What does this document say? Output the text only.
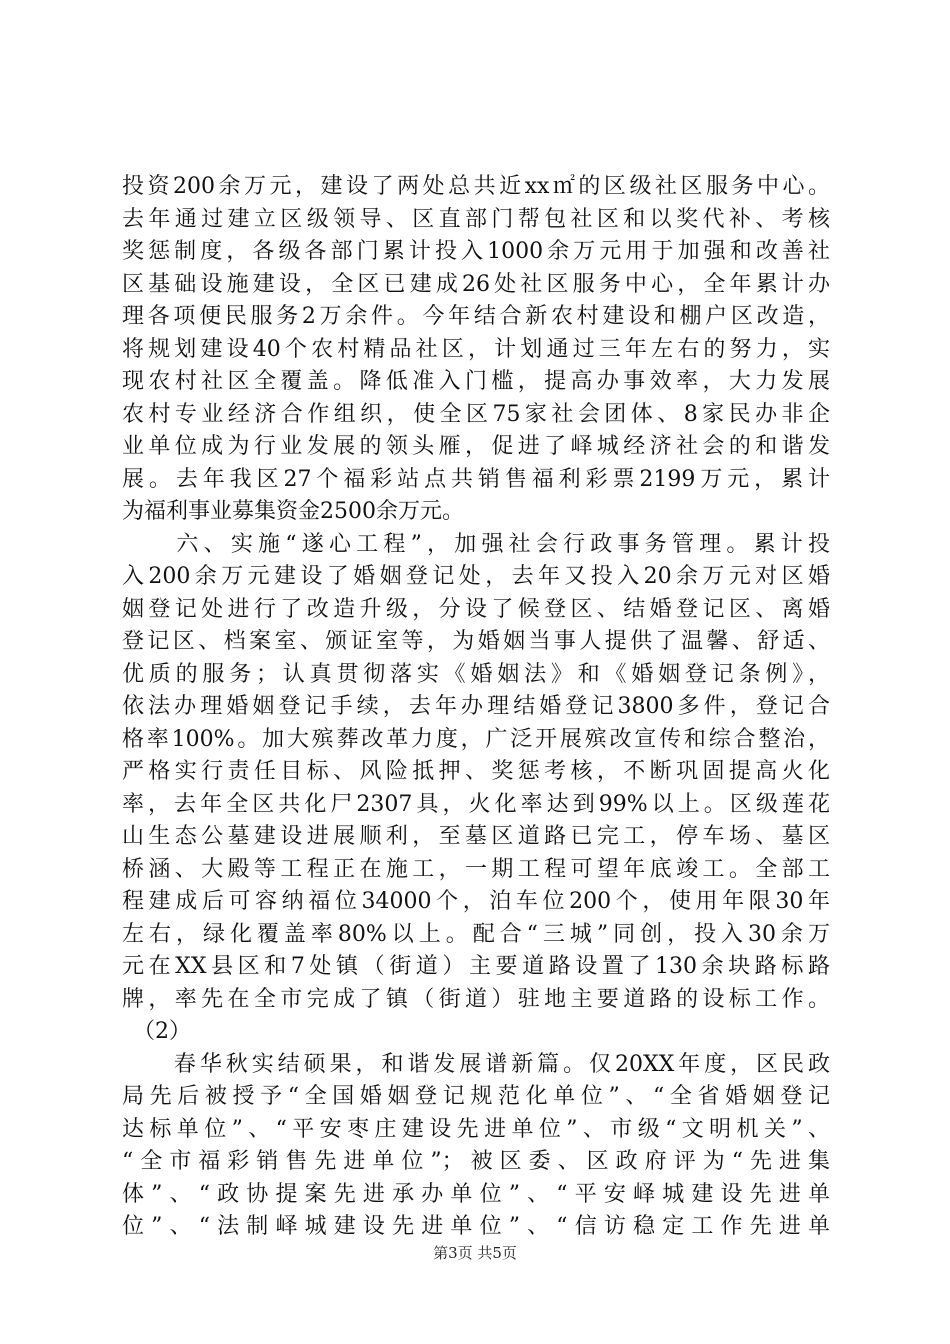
投资200余万元，建设了两处总共近xx㎡的区级社区服务中心。
去年通过建立区级领导、区直部门帮包社区和以奖代补、考核
奖惩制度，各级各部门累计投入1000余万元用于加强和改善社
区基础设施建设，全区已建成26处社区服务中心，全年累计办
理各项便民服务2万余件。今年结合新农村建设和棚户区改造，
将规划建设40个农村精品社区，计划通过三年左右的努力，实
现农村社区全覆盖。降低准入门槛，提高办事效率，大力发展
农村专业经济合作组织，使全区75家社会团体、8家民办非企
业单位成为行业发展的领头雁，促进了峄城经济社会的和谐发
展。去年我区27个福彩站点共销售福利彩票2199万元，累计
为福利事业募集资金2500余万元。
　　六、实施“遂心工程”，加强社会行政事务管理。累计投
入200余万元建设了婚姻登记处，去年又投入20余万元对区婚
姻登记处进行了改造升级，分设了候登区、结婚登记区、离婚
登记区、档案室、颁证室等，为婚姻当事人提供了温馨、舒适、
优质的服务；认真贯彻落实《婚姻法》和《婚姻登记条例》，
依法办理婚姻登记手续，去年办理结婚登记3800多件，登记合
格率100%。加大殡葬改革力度，广泛开展殡改宣传和综合整治，
严格实行责任目标、风险抵押、奖惩考核，不断巩固提高火化
率，去年全区共化尸2307具，火化率达到99%以上。区级莲花
山生态公墓建设进展顺利，至墓区道路已完工，停车场、墓区
桥涵、大殿等工程正在施工，一期工程可望年底竣工。全部工
程建成后可容纳福位34000个，泊车位200个，使用年限30年
左右，绿化覆盖率80%以上。配合“三城”同创，投入30余万
元在XX县区和7处镇（街道）主要道路设置了130余块路标路
牌，率先在全市完成了镇（街道）驻地主要道路的设标工作。
　（2）
　　春华秋实结硕果，和谐发展谱新篇。仅20XX年度，区民政
局先后被授予“全国婚姻登记规范化单位”、“全省婚姻登记
达标单位”、“平安枣庄建设先进单位”、市级“文明机关”、
“全市福彩销售先进单位”；被区委、区政府评为“先进集
体”、“政协提案先进承办单位”、“平安峄城建设先进单
位”、“法制峄城建设先进单位”、“信访稳定工作先进单
第3页 共5页
